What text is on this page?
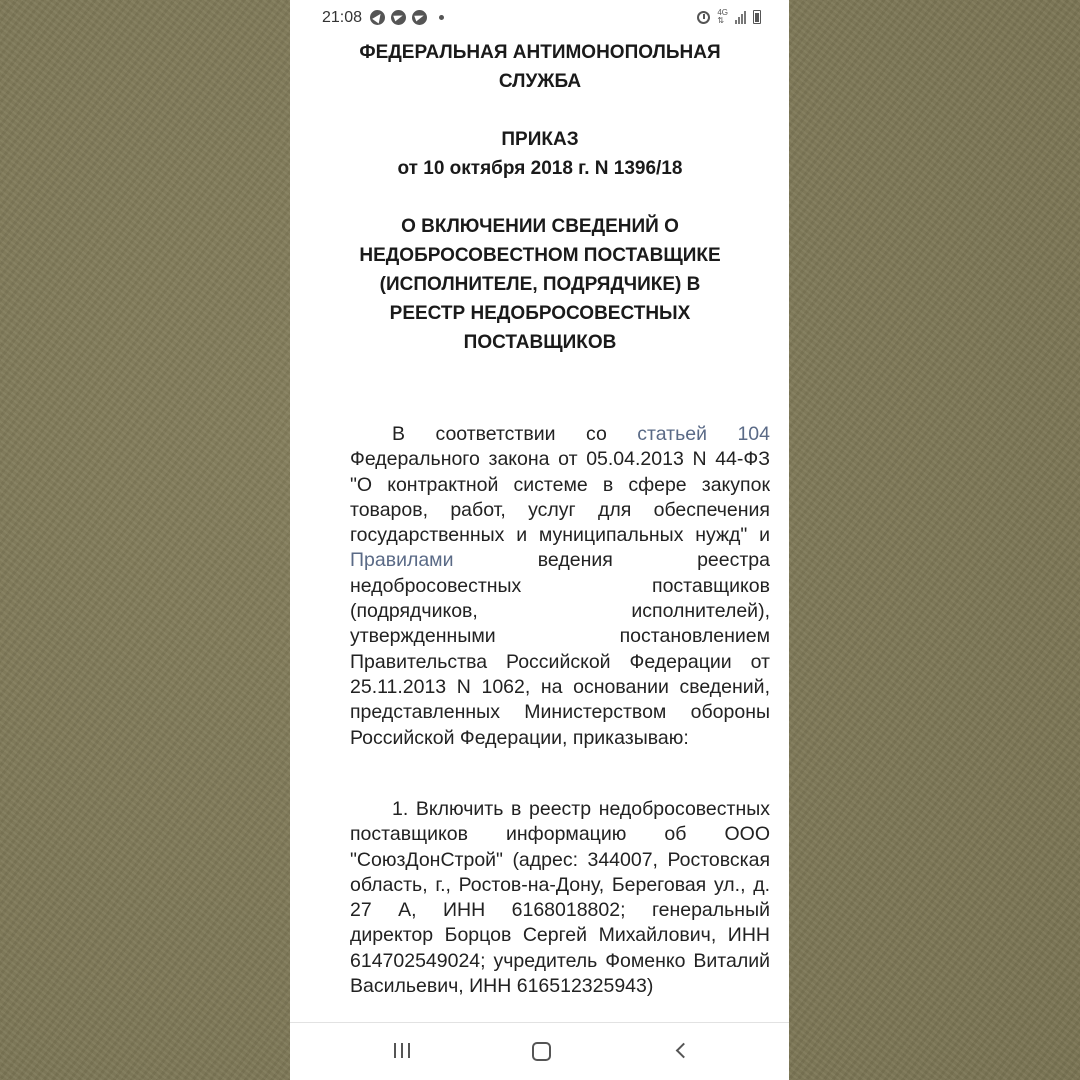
21:08	4G
⇅
ФЕДЕРАЛЬНАЯ АНТИМОНОПОЛЬНАЯ СЛУЖБА
ПРИКАЗ
от 10 октября 2018 г. N 1396/18
О ВКЛЮЧЕНИИ СВЕДЕНИЙ О НЕДОБРОСОВЕСТНОМ ПОСТАВЩИКЕ (ИСПОЛНИТЕЛЕ, ПОДРЯДЧИКЕ) В РЕЕСТР НЕДОБРОСОВЕСТНЫХ ПОСТАВЩИКОВ

В соответствии со статьей 104 Федерального закона от 05.04.2013 N 44-ФЗ "О контрактной системе в сфере закупок товаров, работ, услуг для обеспечения государственных и муниципальных нужд" и Правилами ведения реестра недобросовестных поставщиков (подрядчиков, исполнителей), утвержденными постановлением Правительства Российской Федерации от 25.11.2013 N 1062, на основании сведений, представленных Министерством обороны Российской Федерации, приказываю:

1. Включить в реестр недобросовестных поставщиков информацию об ООО "СоюзДонСтрой" (адрес: 344007, Ростовская область, г., Ростов-на-Дону, Береговая ул., д. 27 А, ИНН 6168018802; генеральный директор Борцов Сергей Михайлович, ИНН 614702549024; учредитель Фоменко Виталий Васильевич, ИНН 616512325943)
